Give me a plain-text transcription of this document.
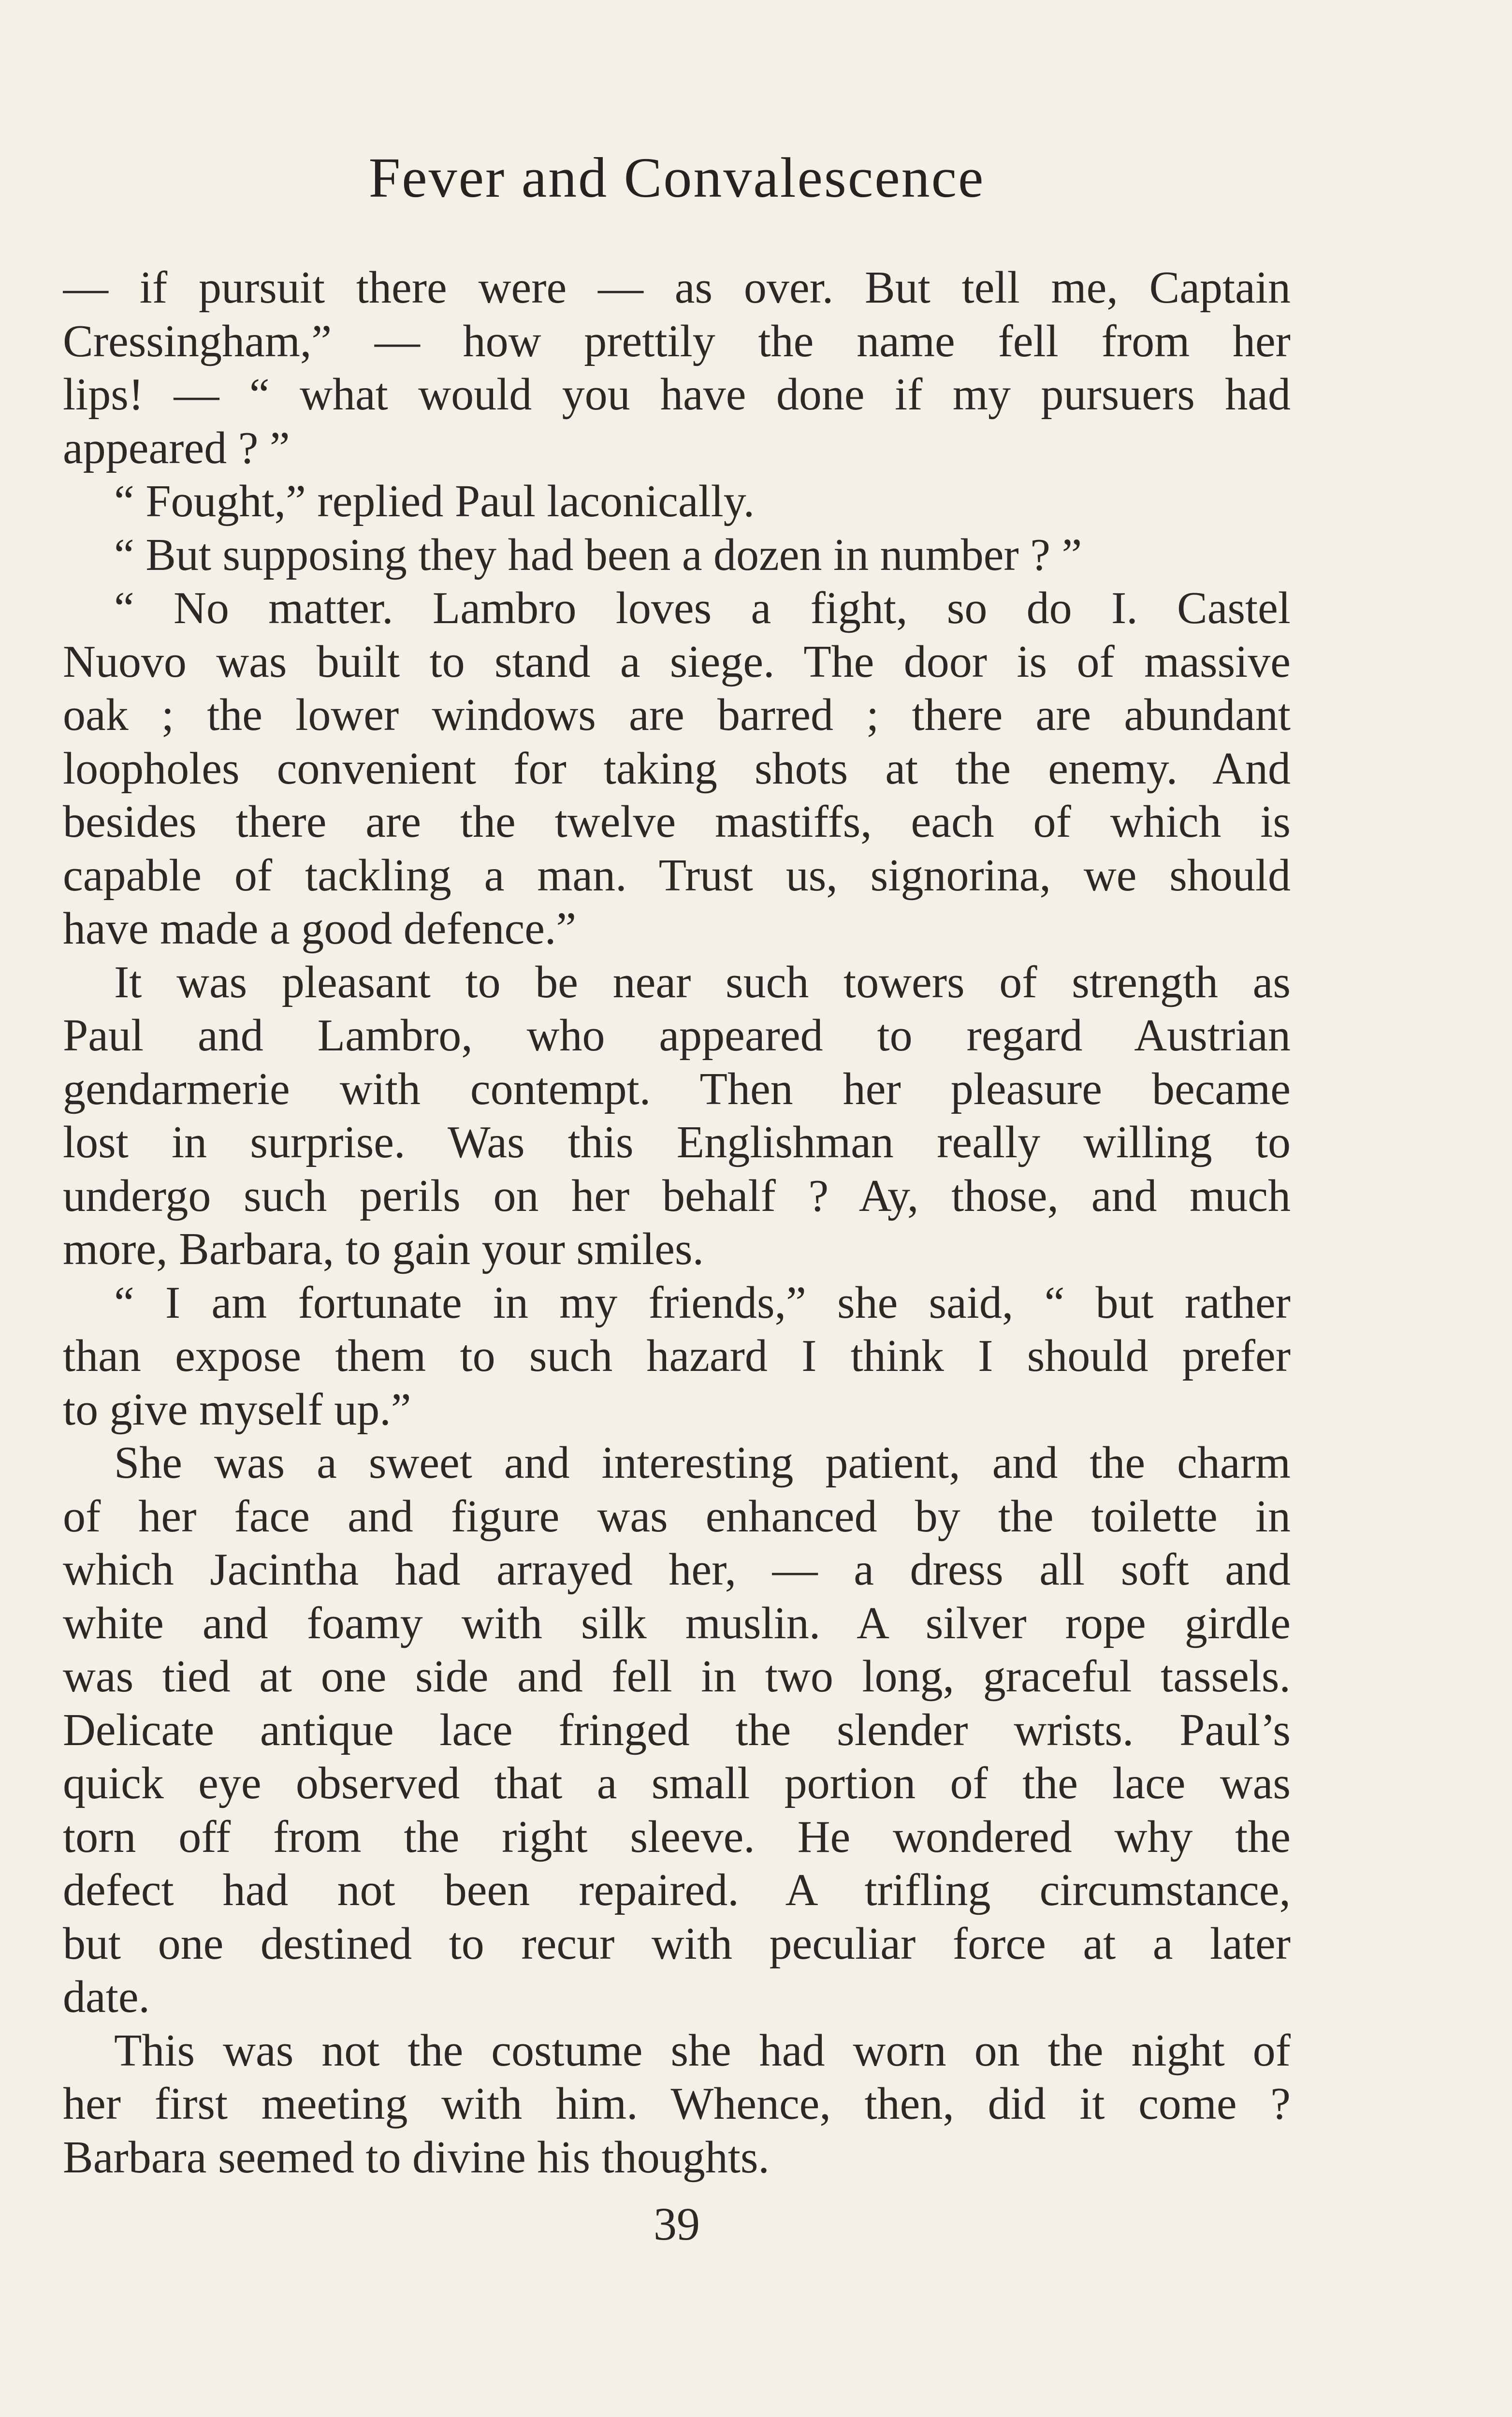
Fever and Convalescence
— if pursuit there were — as over. But tell me, Captain
Cressingham,” — how prettily the name fell from her
lips! — “ what would you have done if my pursuers had
appeared ? ”
“ Fought,” replied Paul laconically.
“ But supposing they had been a dozen in number ? ”
“ No matter. Lambro loves a fight, so do I. Castel
Nuovo was built to stand a siege. The door is of massive
oak ; the lower windows are barred ; there are abundant
loopholes convenient for taking shots at the enemy. And
besides there are the twelve mastiffs, each of which is
capable of tackling a man. Trust us, signorina, we should
have made a good defence.”
It was pleasant to be near such towers of strength as
Paul and Lambro, who appeared to regard Austrian
gendarmerie with contempt. Then her pleasure became
lost in surprise. Was this Englishman really willing to
undergo such perils on her behalf ? Ay, those, and much
more, Barbara, to gain your smiles.
“ I am fortunate in my friends,” she said, “ but rather
than expose them to such hazard I think I should prefer
to give myself up.”
She was a sweet and interesting patient, and the charm
of her face and figure was enhanced by the toilette in
which Jacintha had arrayed her, — a dress all soft and
white and foamy with silk muslin. A silver rope girdle
was tied at one side and fell in two long, graceful tassels.
Delicate antique lace fringed the slender wrists. Paul’s
quick eye observed that a small portion of the lace was
torn off from the right sleeve. He wondered why the
defect had not been repaired. A trifling circumstance,
but one destined to recur with peculiar force at a later
date.
This was not the costume she had worn on the night of
her first meeting with him. Whence, then, did it come ?
Barbara seemed to divine his thoughts.
39
